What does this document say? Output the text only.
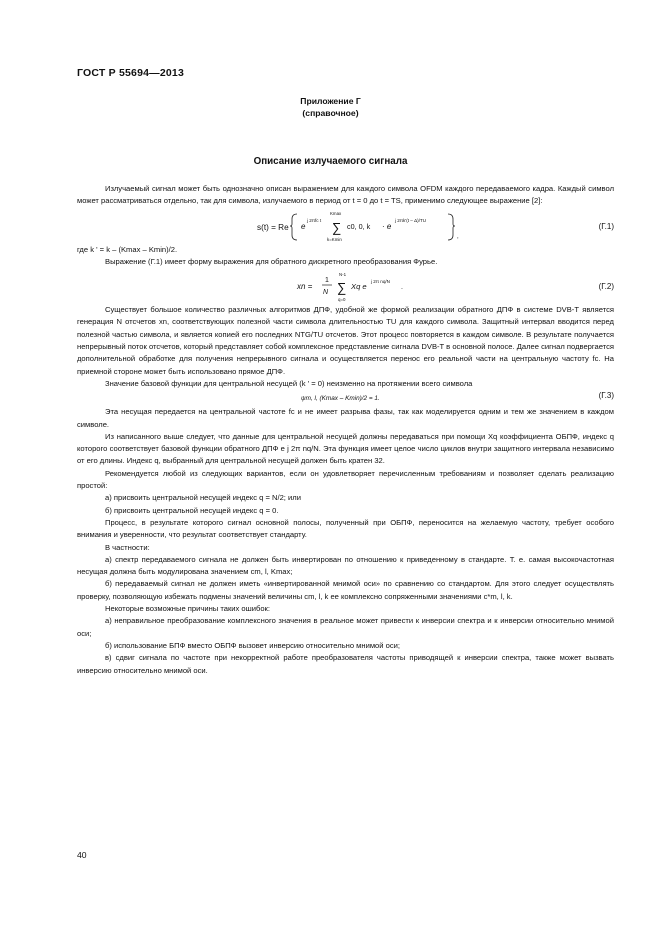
ГОСТ Р 55694—2013
Приложение Г
(справочное)
Описание излучаемого сигнала

Излучаемый сигнал может быть однозначно описан выражением для каждого символа OFDM каждого передаваемого кадра. Каждый символ может рассматриваться отдельно, так для символа, излучаемого в период от t = 0 до t = TS, применимо следующее выражение [2]:

s(t) = Re e
j 2πfc t ∑
Kmax
k=Kmin
c0, 0, k · e
j 2πk'(t – Δ)/TU
,
(Г.1)

где k ' = k – (Kmax – Kmin)/2.

Выражение (Г.1) имеет форму выражения для обратного дискретного преобразования Фурье.

xn =
1
N ∑
N-1
q=0
Xq e
j 2π nq/N
.	(Г.2)

Существует большое количество различных алгоритмов ДПФ, удобной же формой реализации обратного ДПФ в системе DVB-T является генерация N отсчетов xn, соответствующих полезной части символа длительностью TU для каждого символа. Защитный интервал вводится перед полезной частью символа, и является копией его последних NTG/TU отсчетов. Этот процесс повторяется в каждом символе. В результате получается непрерывный поток отсчетов, который представляет собой комплексное представление сигнала DVB-T в основной полосе. Далее сигнал подвергается дополнительной обработке для получения непрерывного сигнала и осуществляется перенос его реальной части на центральную частоту fc. На приемной стороне может быть использовано прямое ДПФ.

Значение базовой функции для центральной несущей (k ' = 0) неизменно на протяжении всего символа

ψm, l, (Kmax – Kmin)/2 = 1.	(Г.3)

Эта несущая передается на центральной частоте fc и не имеет разрыва фазы, так как моделируется одним и тем же значением в каждом символе.

Из написанного выше следует, что данные для центральной несущей должны передаваться при помощи Xq коэффициента ОБПФ, индекс q которого соответствует базовой функции обратного ДПФ e j 2π nq/N. Эта функция имеет целое число циклов внутри защитного интервала независимо от его длины. Индекс q, выбранный для центральной несущей должен быть кратен 32.

Рекомендуется любой из следующих вариантов, если он удовлетворяет перечисленным требованиям и позволяет сделать реализацию простой:

а) присвоить центральной несущей индекс q = N/2; или

б) присвоить центральной несущей индекс q = 0.

Процесс, в результате которого сигнал основной полосы, полученный при ОБПФ, переносится на желаемую частоту, требует особого внимания и уверенности, что результат соответствует стандарту.

В частности:

а) спектр передаваемого сигнала не должен быть инвертирован по отношению к приведенному в стандарте. Т. е. самая высокочастотная несущая должна быть модулирована значением cm, l, Kmax;

б) передаваемый сигнал не должен иметь «инвертированной мнимой оси» по сравнению со стандартом. Для этого следует осуществлять проверку, позволяющую избежать подмены значений величины cm, l, k ее комплексно сопряженными значениями c*m, l, k.

Некоторые возможные причины таких ошибок:

а) неправильное преобразование комплексного значения в реальное может привести к инверсии спектра и к инверсии относительно мнимой оси;

б) использование БПФ вместо ОБПФ вызовет инверсию относительно мнимой оси;

в) сдвиг сигнала по частоте при некорректной работе преобразователя частоты приводящей к инверсии спектра, также может вызвать инверсию относительно мнимой оси.

40
